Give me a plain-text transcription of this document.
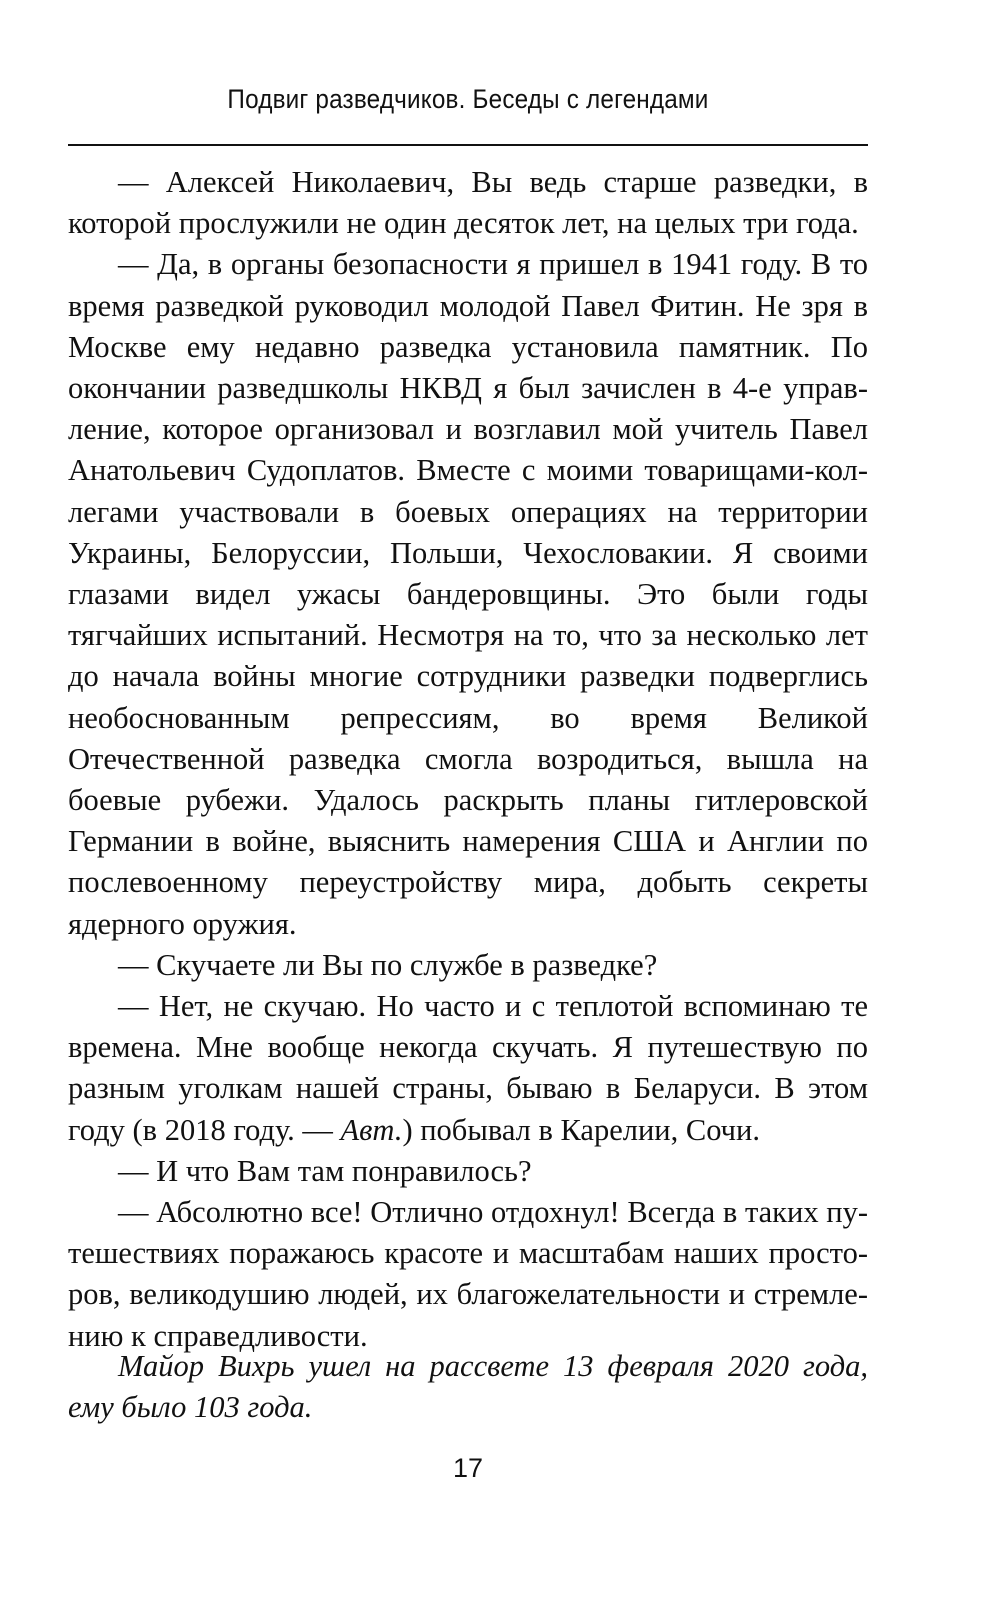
Подвиг разведчиков. Беседы с легендами

— Алексей Николаевич, Вы ведь старше разведки, в которой прослужили не один десяток лет, на целых три года.

— Да, в органы безопасности я пришел в 1941 году. В то время разведкой руководил молодой Павел Фитин. Не зря в Москве ему недавно разведка установила памятник. По окончании разведшколы НКВД я был зачислен в 4-е управление, которое организовал и возглавил мой учитель Павел Анатольевич Судоплатов. Вместе с моими товарищами-коллегами участвовали в боевых операциях на территории Украины, Белоруссии, Польши, Чехословакии. Я своими глазами видел ужасы бандеровщины. Это были годы тягчайших испытаний. Несмотря на то, что за несколько лет до начала войны многие сотрудники разведки подверглись необоснованным репрессиям, во время Великой Отечественной разведка смогла возродиться, вышла на боевые рубежи. Удалось раскрыть планы гитлеровской Германии в войне, выяснить намерения США и Англии по послевоенному переустройству мира, добыть секреты ядерного оружия.

— Скучаете ли Вы по службе в разведке?

— Нет, не скучаю. Но часто и с теплотой вспоминаю те времена. Мне вообще некогда скучать. Я путешествую по разным уголкам нашей страны, бываю в Беларуси. В этом году (в 2018 году. — Авт.) побывал в Карелии, Сочи.

— И что Вам там понравилось?

— Абсолютно все! Отлично отдохнул! Всегда в таких путешествиях поражаюсь красоте и масштабам наших просторов, великодушию людей, их благожелательности и стремлению к справедливости.

Майор Вихрь ушел на рассвете 13 февраля 2020 года, ему было 103 года.

17
